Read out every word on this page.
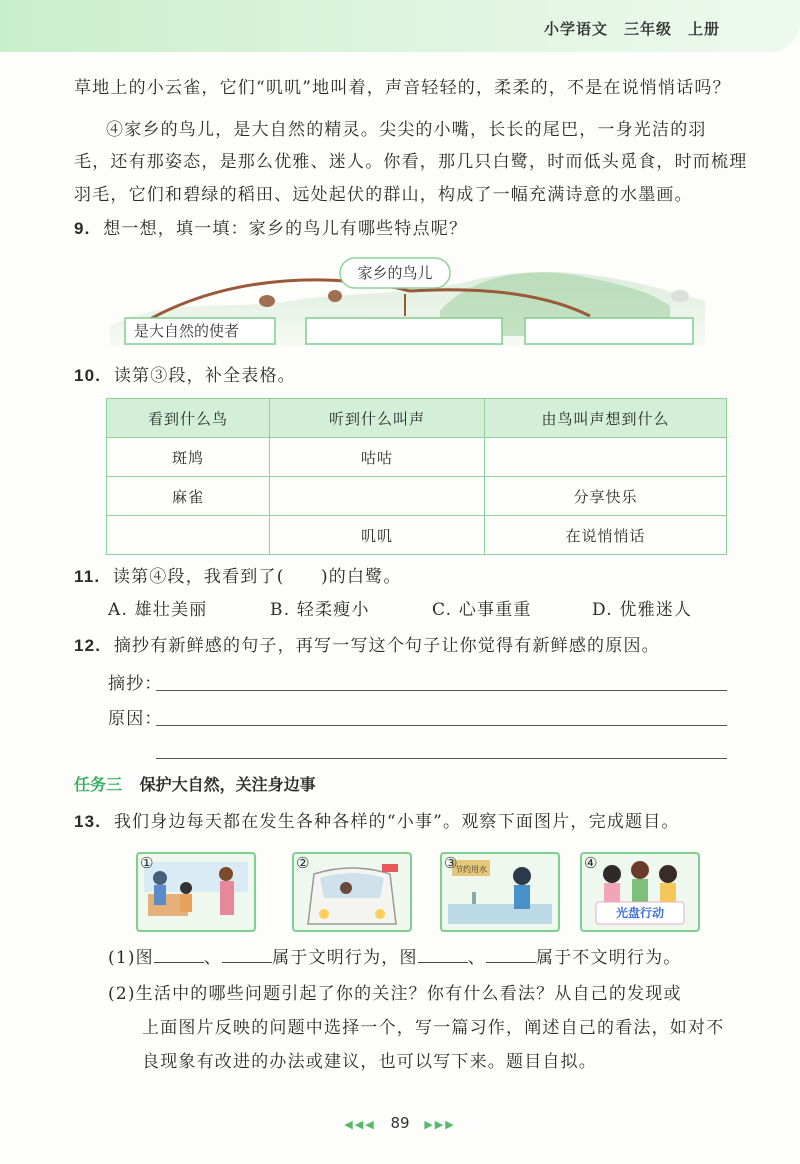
小学语文　三年级　上册
草地上的小云雀，它们“叽叽”地叫着，声音轻轻的，柔柔的，不是在说悄悄话吗？
④家乡的鸟儿，是大自然的精灵。尖尖的小嘴，长长的尾巴，一身光洁的羽
毛，还有那姿态，是那么优雅、迷人。你看，那几只白鹭，时而低头觅食，时而梳理
羽毛，它们和碧绿的稻田、远处起伏的群山，构成了一幅充满诗意的水墨画。
9. 想一想，填一填：家乡的鸟儿有哪些特点呢？
家乡的鸟儿
是大自然的使者
10. 读第③段，补全表格。
看到什么鸟	听到什么叫声	由鸟叫声想到什么
斑鸠	咕咕	
麻雀		分享快乐
	叽叽	在说悄悄话
11. 读第④段，我看到了(　　)的白鹭。
A. 雄壮美丽	B. 轻柔瘦小	C. 心事重重	D. 优雅迷人
12. 摘抄有新鲜感的句子，再写一写这个句子让你觉得有新鲜感的原因。
摘抄：
原因：
任务三 保护大自然，关注身边事
13. 我们身边每天都在发生各种各样的“小事”。观察下面图片，完成题目。
①	②	③
节约用水	④
光盘行动
(1)图	、	属于文明行为，图	、	属于不文明行为。
(2)生活中的哪些问题引起了你的关注？你有什么看法？从自己的发现或
上面图片反映的问题中选择一个，写一篇习作，阐述自己的看法，如对不
良现象有改进的办法或建议，也可以写下来。题目自拟。
◀◀◀ 89 ▶▶▶
